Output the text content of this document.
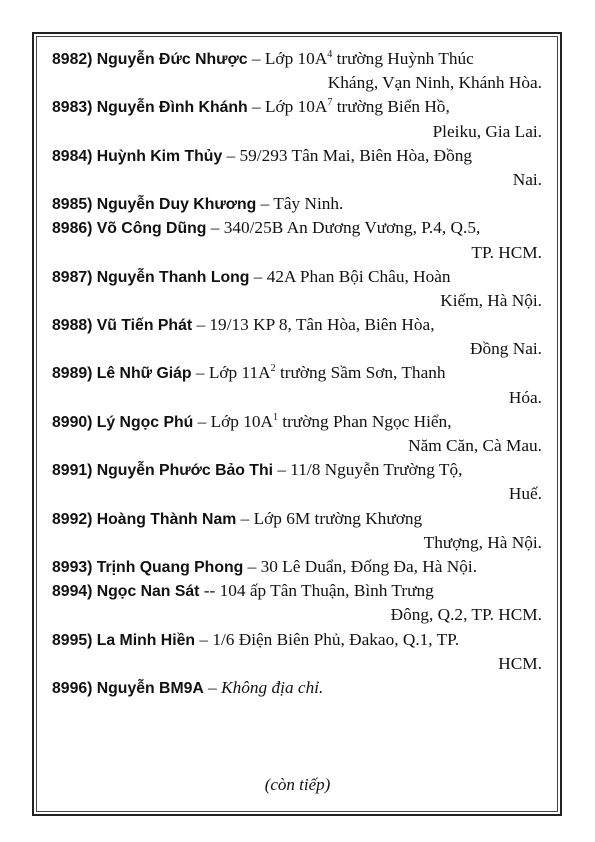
8982) Nguyễn Đức Nhược – Lớp $10A^4$ trường Huỳnh Thúc
Kháng, Vạn Ninh, Khánh Hòa.
8983) Nguyễn Đình Khánh – Lớp $10A^7$ trường Biển Hồ,
Pleiku, Gia Lai.
8984) Huỳnh Kim Thủy – 59/293 Tân Mai, Biên Hòa, Đồng
Nai.
8985) Nguyễn Duy Khương – Tây Ninh.
8986) Võ Công Dũng – 340/25B An Dương Vương, P.4, Q.5,
TP. HCM.
8987) Nguyễn Thanh Long – 42A Phan Bội Châu, Hoàn
Kiếm, Hà Nội.
8988) Vũ Tiến Phát – 19/13 KP 8, Tân Hòa, Biên Hòa,
Đồng Nai.
8989) Lê Nhữ Giáp – Lớp $11A^2$ trường Sầm Sơn, Thanh
Hóa.
8990) Lý Ngọc Phú – Lớp $10A^1$ trường Phan Ngọc Hiển,
Năm Căn, Cà Mau.
8991) Nguyễn Phước Bảo Thi – 11/8 Nguyễn Trường Tộ,
Huế.
8992) Hoàng Thành Nam – Lớp 6M trường Khương
Thượng, Hà Nội.
8993) Trịnh Quang Phong – 30 Lê Duẩn, Đống Đa, Hà Nội.
8994) Ngọc Nan Sát -- 104 ấp Tân Thuận, Bình Trưng
Đông, Q.2, TP. HCM.
8995) La Minh Hiền – 1/6 Điện Biên Phủ, Đakao, Q.1, TP.
HCM.
8996) Nguyễn BM9A – Không địa chỉ.
(còn tiếp)
